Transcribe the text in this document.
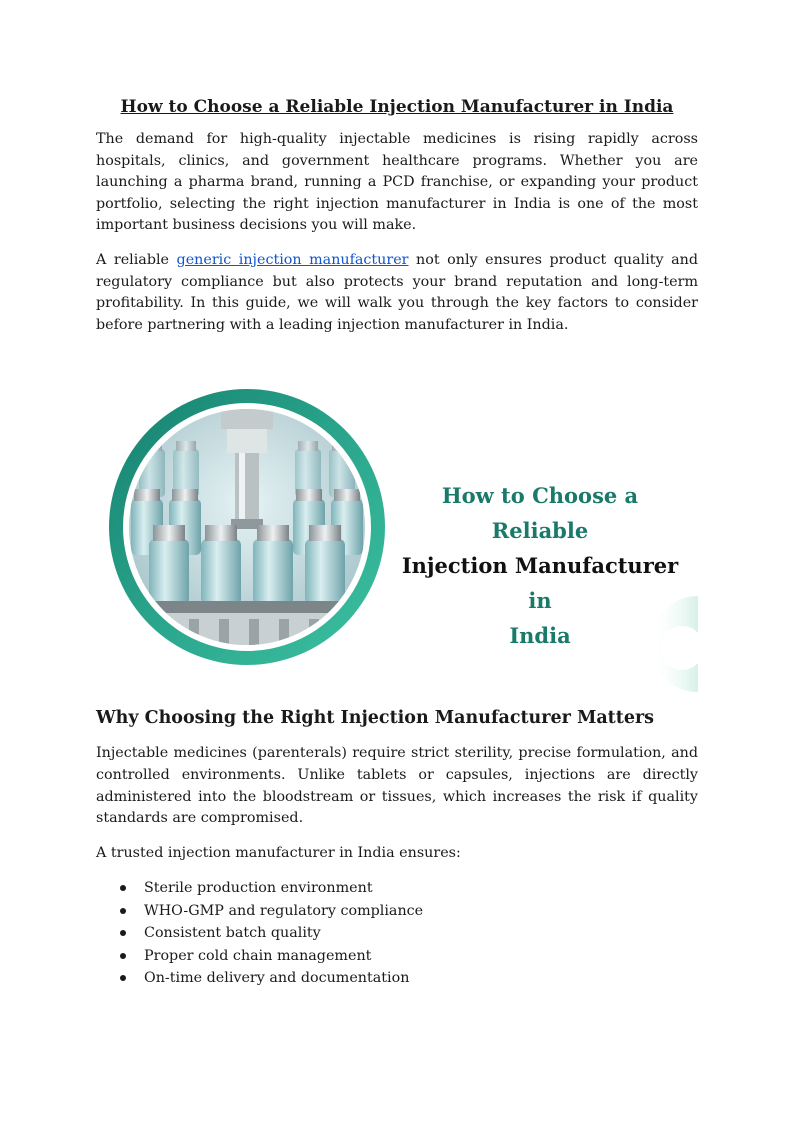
How to Choose a Reliable Injection Manufacturer in India

The demand for high-quality injectable medicines is rising rapidly across hospitals, clinics, and government healthcare programs. Whether you are launching a pharma brand, running a PCD franchise, or expanding your product portfolio, selecting the right injection manufacturer in India is one of the most important business decisions you will make.

A reliable generic injection manufacturer not only ensures product quality and regulatory compliance but also protects your brand reputation and long-term profitability. In this guide, we will walk you through the key factors to consider before partnering with a leading injection manufacturer in India.

How to Choose a Reliable
Injection Manufacturer in
India
Why Choosing the Right Injection Manufacturer Matters

Injectable medicines (parenterals) require strict sterility, precise formulation, and controlled environments. Unlike tablets or capsules, injections are directly administered into the bloodstream or tissues, which increases the risk if quality standards are compromised.

A trusted injection manufacturer in India ensures:

Sterile production environment
WHO-GMP and regulatory compliance
Consistent batch quality
Proper cold chain management
On-time delivery and documentation
